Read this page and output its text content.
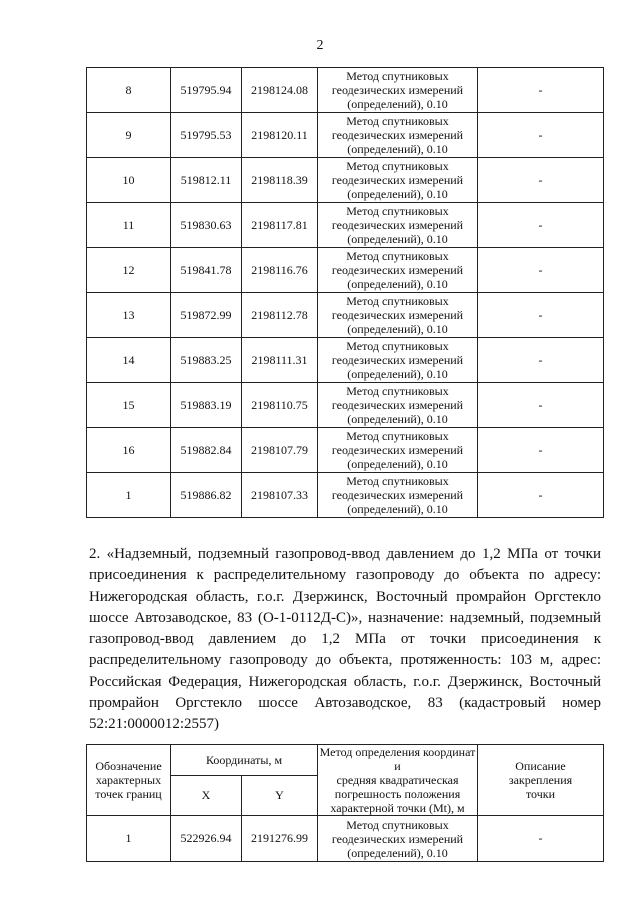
2
8	519795.94	2198124.08	Метод спутниковых
геодезических измерений
(определений), 0.10	-
9	519795.53	2198120.11	Метод спутниковых
геодезических измерений
(определений), 0.10	-
10	519812.11	2198118.39	Метод спутниковых
геодезических измерений
(определений), 0.10	-
11	519830.63	2198117.81	Метод спутниковых
геодезических измерений
(определений), 0.10	-
12	519841.78	2198116.76	Метод спутниковых
геодезических измерений
(определений), 0.10	-
13	519872.99	2198112.78	Метод спутниковых
геодезических измерений
(определений), 0.10	-
14	519883.25	2198111.31	Метод спутниковых
геодезических измерений
(определений), 0.10	-
15	519883.19	2198110.75	Метод спутниковых
геодезических измерений
(определений), 0.10	-
16	519882.84	2198107.79	Метод спутниковых
геодезических измерений
(определений), 0.10	-
1	519886.82	2198107.33	Метод спутниковых
геодезических измерений
(определений), 0.10	-
2. «Надземный, подземный газопровод-ввод давлением до 1,2 МПа от точки присоединения к распределительному газопроводу до объекта по адресу: Нижегородская область, г.о.г. Дзержинск, Восточный промрайон Оргстекло шоссе Автозаводское, 83 (О-1-0112Д-С)», назначение: надземный, подземный газопровод-ввод давлением до 1,2 МПа от точки присоединения к распределительному газопроводу до объекта, протяженность: 103 м, адрес: Российская Федерация, Нижегородская область, г.о.г. Дзержинск, Восточный промрайон Оргстекло шоссе Автозаводское, 83 (кадастровый номер 52:21:0000012:2557)
Обозначение
характерных
точек границ	Координаты, м		Метод определения координат и
средняя квадратическая
погрешность положения
характерной точки (Mt), м	Описание
закрепления
точки
	X	Y		
1	522926.94	2191276.99	Метод спутниковых
геодезических измерений
(определений), 0.10	-
